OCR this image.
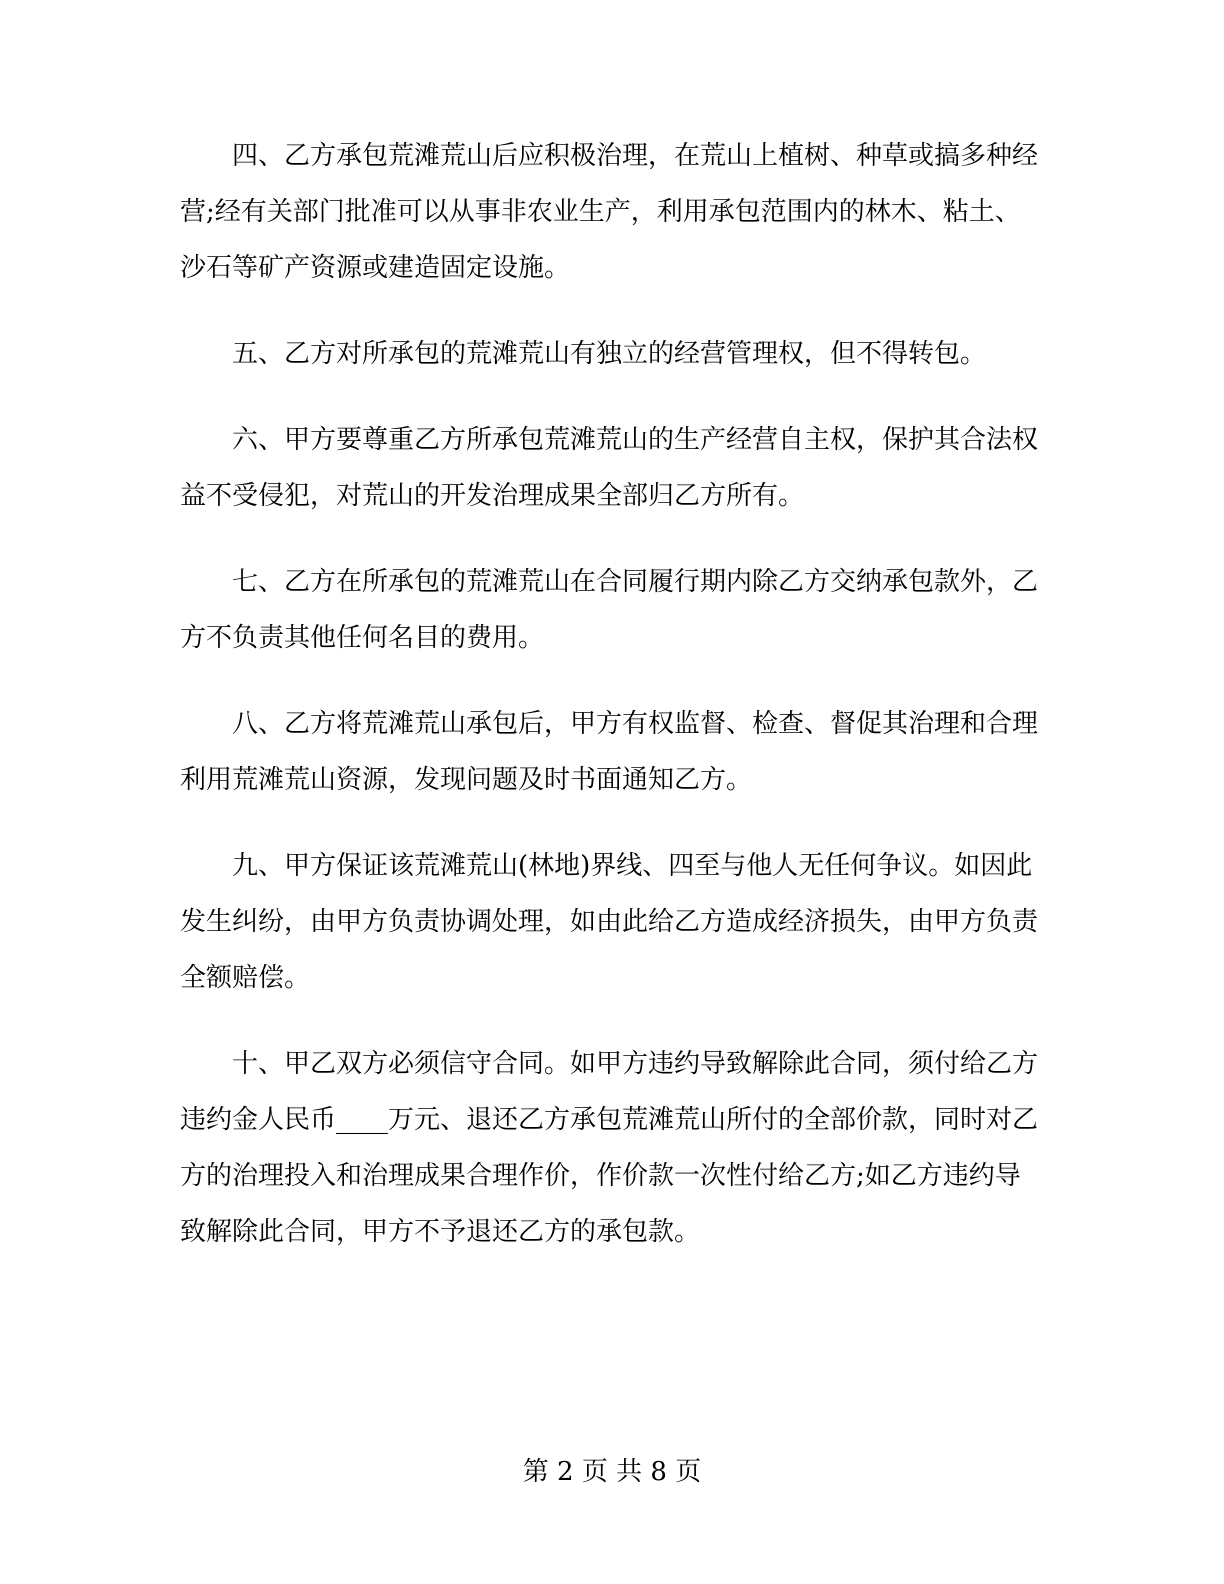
四、乙方承包荒滩荒山后应积极治理，在荒山上植树、种草或搞多种经营;经有关部门批准可以从事非农业生产，利用承包范围内的林木、粘土、沙石等矿产资源或建造固定设施。

五、乙方对所承包的荒滩荒山有独立的经营管理权，但不得转包。

六、甲方要尊重乙方所承包荒滩荒山的生产经营自主权，保护其合法权益不受侵犯，对荒山的开发治理成果全部归乙方所有。

七、乙方在所承包的荒滩荒山在合同履行期内除乙方交纳承包款外，乙方不负责其他任何名目的费用。

八、乙方将荒滩荒山承包后，甲方有权监督、检查、督促其治理和合理利用荒滩荒山资源，发现问题及时书面通知乙方。

九、甲方保证该荒滩荒山(林地)界线、四至与他人无任何争议。如因此发生纠纷，由甲方负责协调处理，如由此给乙方造成经济损失，由甲方负责全额赔偿。

十、甲乙双方必须信守合同。如甲方违约导致解除此合同，须付给乙方违约金人民币____万元、退还乙方承包荒滩荒山所付的全部价款，同时对乙方的治理投入和治理成果合理作价，作价款一次性付给乙方;如乙方违约导致解除此合同，甲方不予退还乙方的承包款。

第 2 页 共 8 页
